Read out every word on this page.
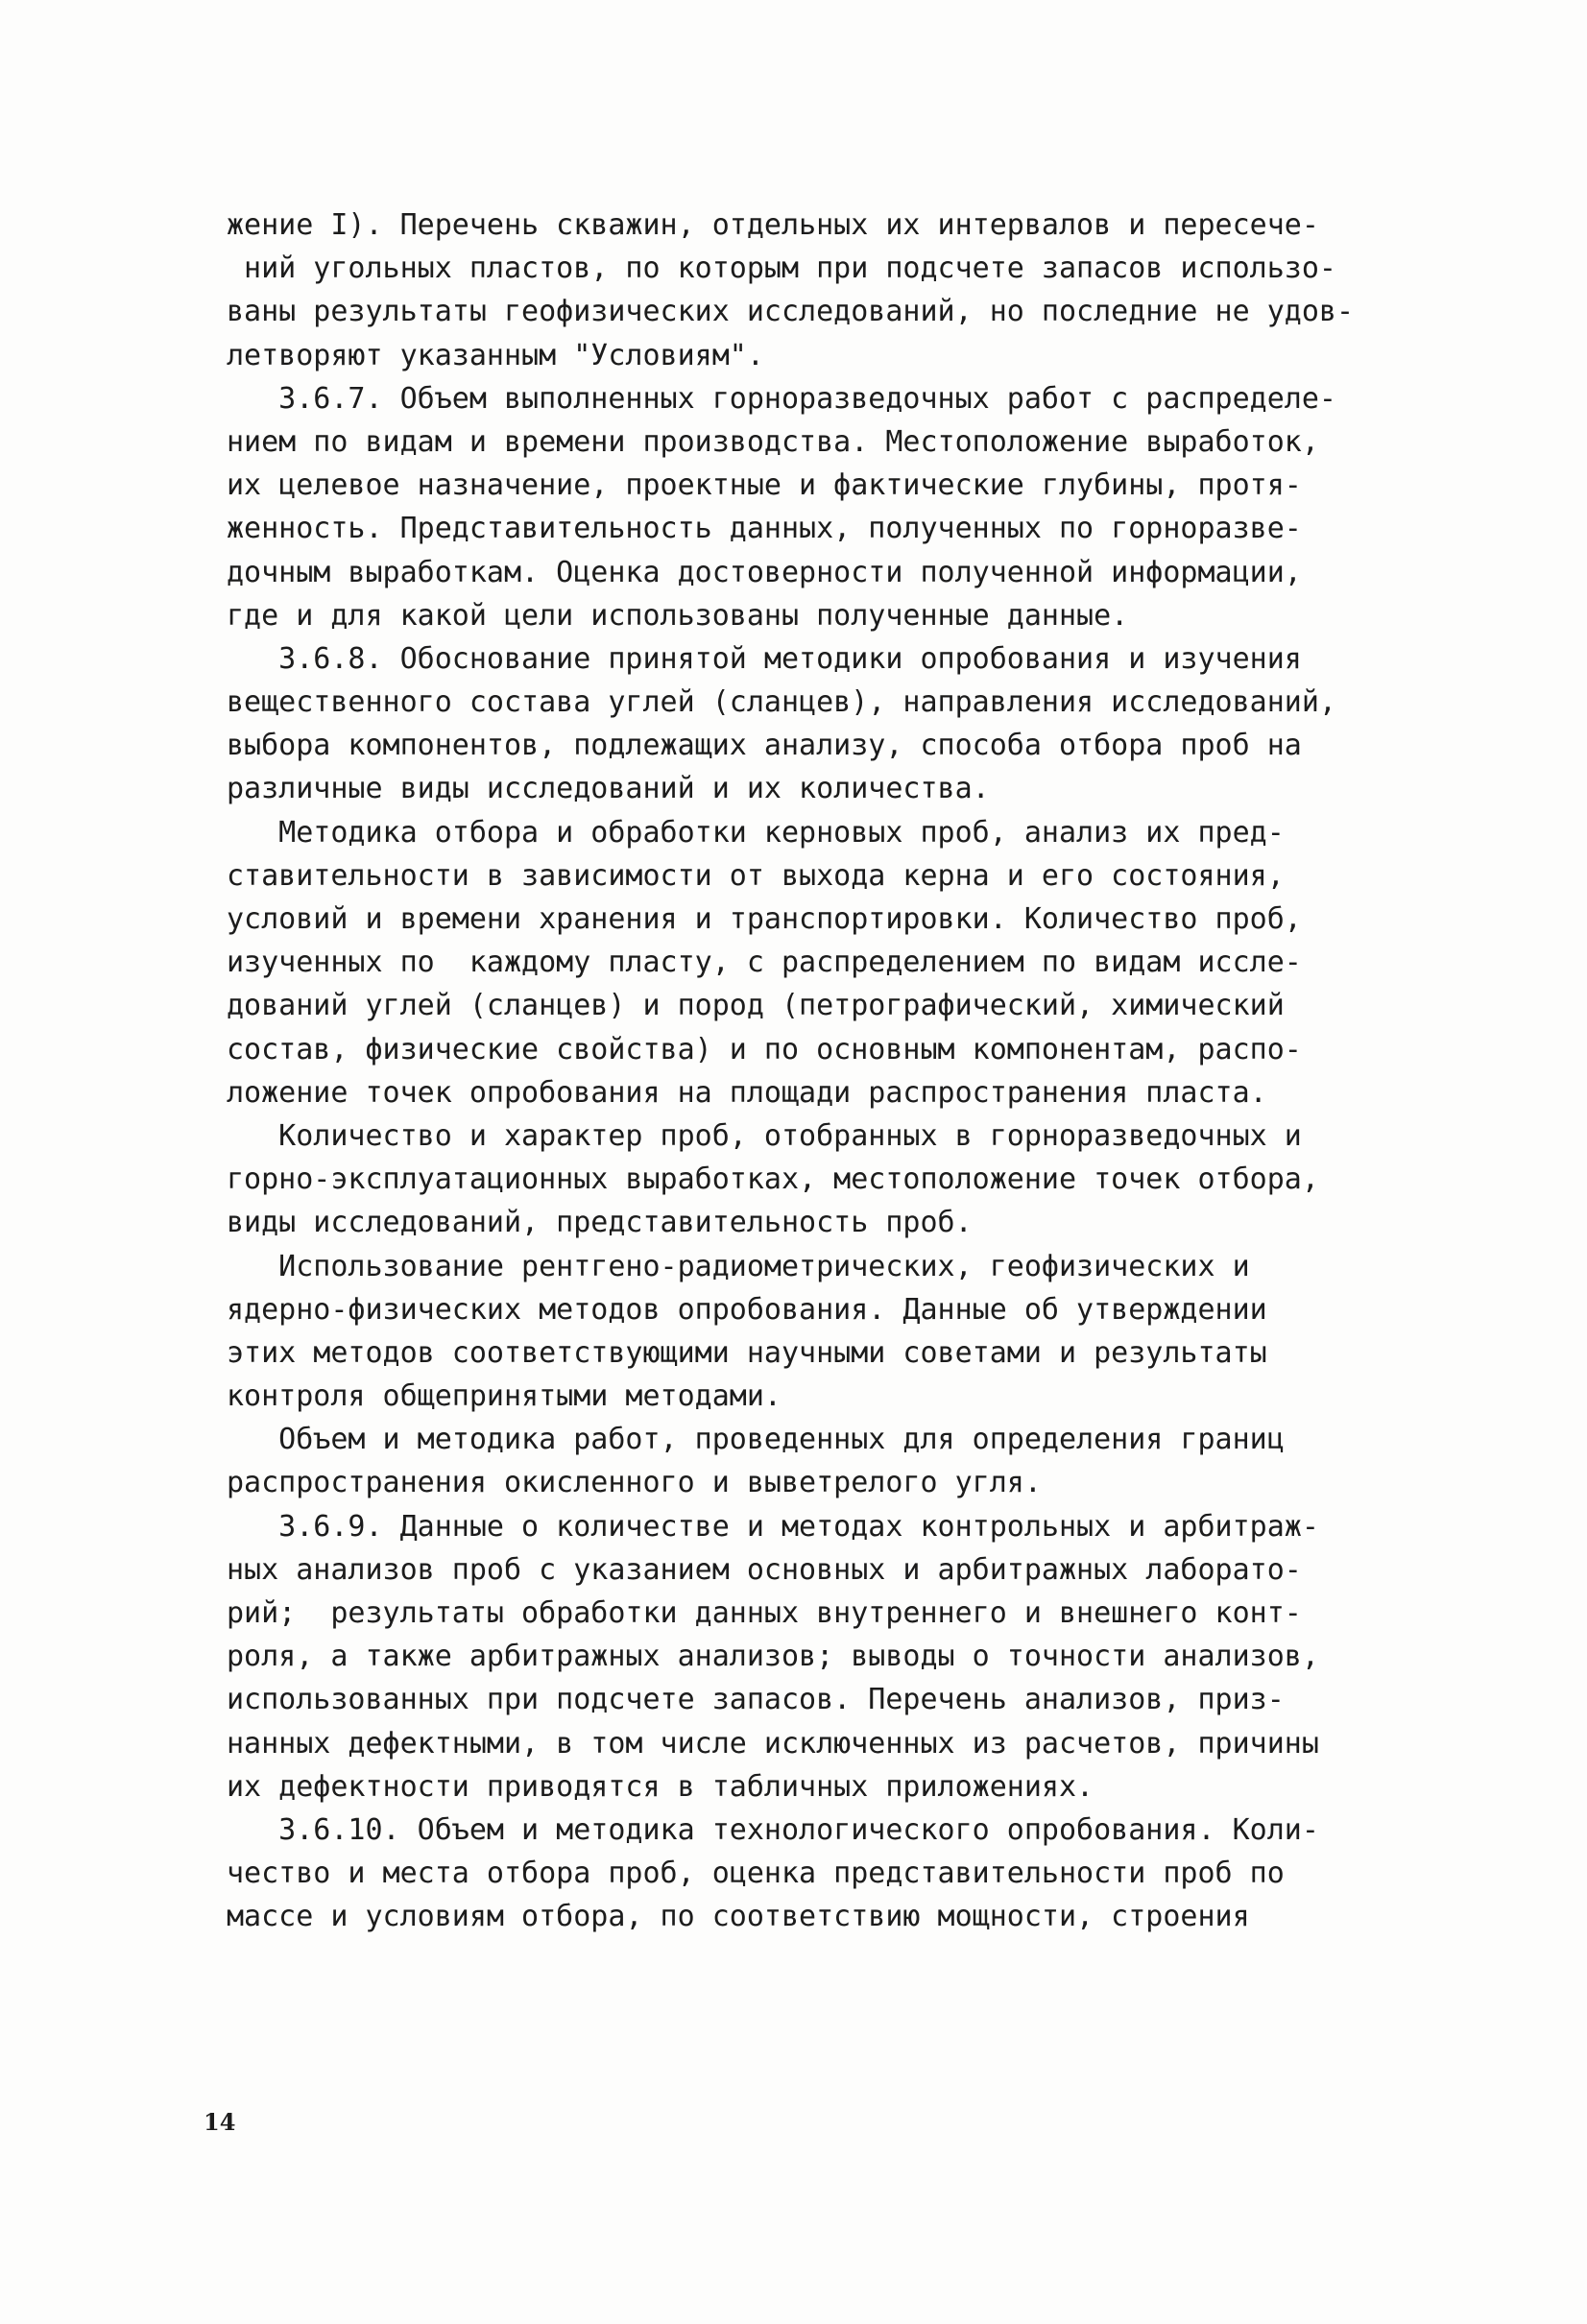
жение I). Перечень скважин, отдельных их интервалов и пересече-
ний угольных пластов, по которым при подсчете запасов использо-
ваны результаты геофизических исследований, но последние не удов-
летворяют указанным "Условиям".
3.6.7. Объем выполненных горноразведочных работ с распределе-
нием по видам и времени производства. Местоположение выработок,
их целевое назначение, проектные и фактические глубины, протя-
женность. Представительность данных, полученных по горноразве-
дочным выработкам. Оценка достоверности полученной информации,
где и для какой цели использованы полученные данные.
3.6.8. Обоснование принятой методики опробования и изучения
вещественного состава углей (сланцев), направления исследований,
выбора компонентов, подлежащих анализу, способа отбора проб на
различные виды исследований и их количества.
Методика отбора и обработки керновых проб, анализ их пред-
ставительности в зависимости от выхода керна и его состояния,
условий и времени хранения и транспортировки. Количество проб,
изученных по  каждому пласту, с распределением по видам иссле-
дований углей (сланцев) и пород (петрографический, химический
состав, физические свойства) и по основным компонентам, распо-
ложение точек опробования на площади распространения пласта.
Количество и характер проб, отобранных в горноразведочных и
горно-эксплуатационных выработках, местоположение точек отбора,
виды исследований, представительность проб.
Использование рентгено-радиометрических, геофизических и
ядерно-физических методов опробования. Данные об утверждении
этих методов соответствующими научными советами и результаты
контроля общепринятыми методами.
Объем и методика работ, проведенных для определения границ
распространения окисленного и выветрелого угля.
3.6.9. Данные о количестве и методах контрольных и арбитраж-
ных анализов проб с указанием основных и арбитражных лаборато-
рий;  результаты обработки данных внутреннего и внешнего конт-
роля, а также арбитражных анализов; выводы о точности анализов,
использованных при подсчете запасов. Перечень анализов, приз-
нанных дефектными, в том числе исключенных из расчетов, причины
их дефектности приводятся в табличных приложениях.
3.6.10. Объем и методика технологического опробования. Коли-
чество и места отбора проб, оценка представительности проб по
массе и условиям отбора, по соответствию мощности, строения
14
